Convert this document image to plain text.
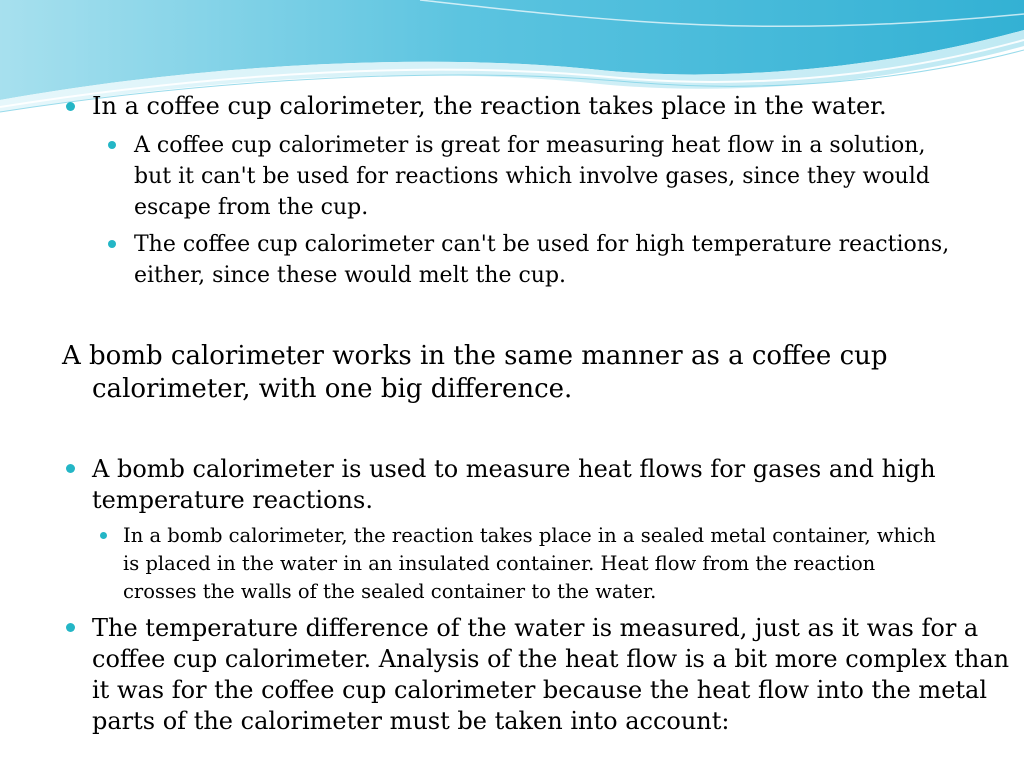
In a coffee cup calorimeter, the reaction takes place in the water.
A coffee cup calorimeter is great for measuring heat flow in a solution,
but it can't be used for reactions which involve gases, since they would
escape from the cup.
The coffee cup calorimeter can't be used for high temperature reactions,
either, since these would melt the cup.
A bomb calorimeter works in the same manner as a coffee cup
calorimeter, with one big difference.
A bomb calorimeter is used to measure heat flows for gases and high
temperature reactions.
In a bomb calorimeter, the reaction takes place in a sealed metal container, which
is placed in the water in an insulated container. Heat flow from the reaction
crosses the walls of the sealed container to the water.
The temperature difference of the water is measured, just as it was for a
coffee cup calorimeter. Analysis of the heat flow is a bit more complex than
it was for the coffee cup calorimeter because the heat flow into the metal
parts of the calorimeter must be taken into account:
